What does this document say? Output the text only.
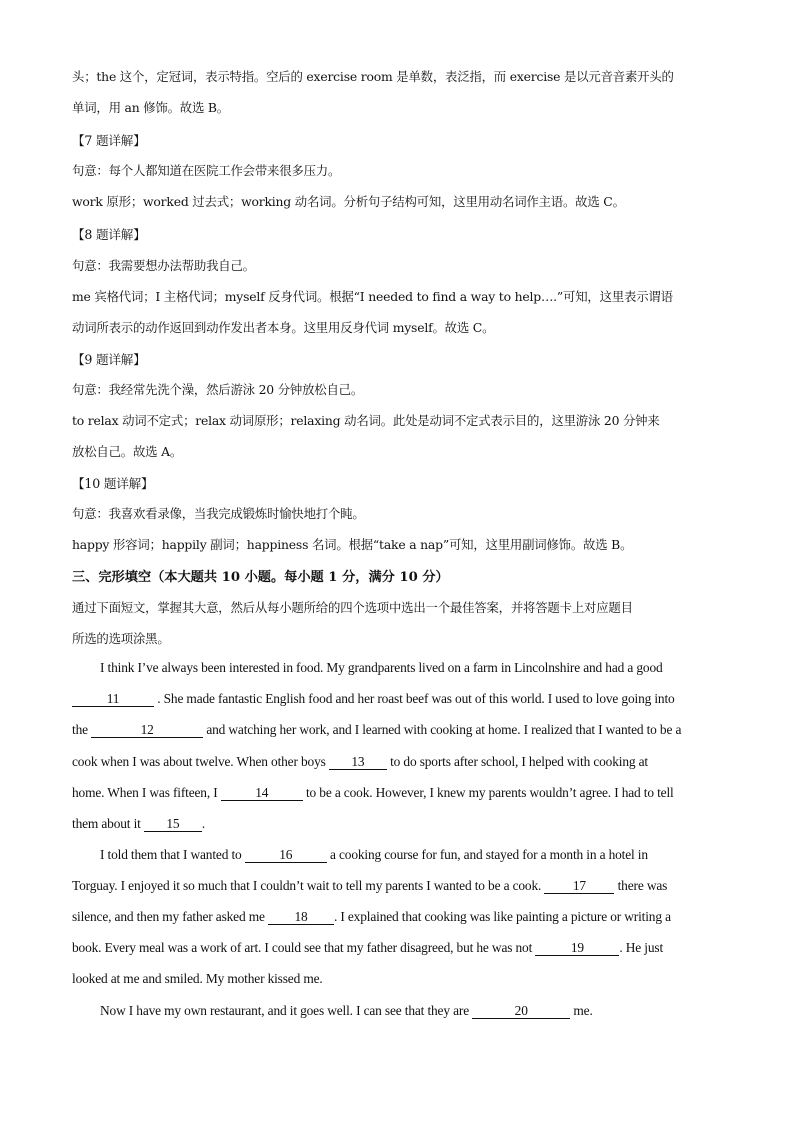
头；the 这个，定冠词，表示特指。空后的 exercise room 是单数，表泛指，而 exercise 是以元音音素开头的
单词，用 an 修饰。故选 B。
【7 题详解】
句意：每个人都知道在医院工作会带来很多压力。
work 原形；worked 过去式；working 动名词。分析句子结构可知，这里用动名词作主语。故选 C。
【8 题详解】
句意：我需要想办法帮助我自己。
me 宾格代词；I 主格代词；myself 反身代词。根据“I needed to find a way to help….”可知，这里表示谓语
动词所表示的动作返回到动作发出者本身。这里用反身代词 myself。故选 C。
【9 题详解】
句意：我经常先洗个澡，然后游泳 20 分钟放松自己。
to relax 动词不定式；relax 动词原形；relaxing 动名词。此处是动词不定式表示目的，这里游泳 20 分钟来
放松自己。故选 A。
【10 题详解】
句意：我喜欢看录像，当我完成锻炼时愉快地打个盹。
happy 形容词；happily 副词；happiness 名词。根据“take a nap”可知，这里用副词修饰。故选 B。
三、完形填空（本大题共 10 小题。每小题 1 分，满分 10 分）
通过下面短文，掌握其大意，然后从每小题所给的四个选项中选出一个最佳答案，并将答题卡上对应题目
所选的选项涂黑。
I think I’ve always been interested in food. My grandparents lived on a farm in Lincolnshire and had a good
11	. She made fantastic English food and her roast beef was out of this world. I used to love going into
the	12	and watching her work, and I learned with cooking at home. I realized that I wanted to be a
cook when I was about twelve. When other boys 13 to do sports after school, I helped with cooking at
home. When I was fifteen, I	14	to be a cook. However, I knew my parents wouldn’t agree. I had to tell
them about it 15 .
I told them that I wanted to	16	a cooking course for fun, and stayed for a month in a hotel in
Torguay. I enjoyed it so much that I couldn’t wait to tell my parents I wanted to be a cook. 17 there was
silence, and then my father asked me 18 . I explained that cooking was like painting a picture or writing a
book. Every meal was a work of art. I could see that my father disagreed, but he was not	19	. He just
looked at me and smiled. My mother kissed me.
Now I have my own restaurant, and it goes well. I can see that they are	20	me.
